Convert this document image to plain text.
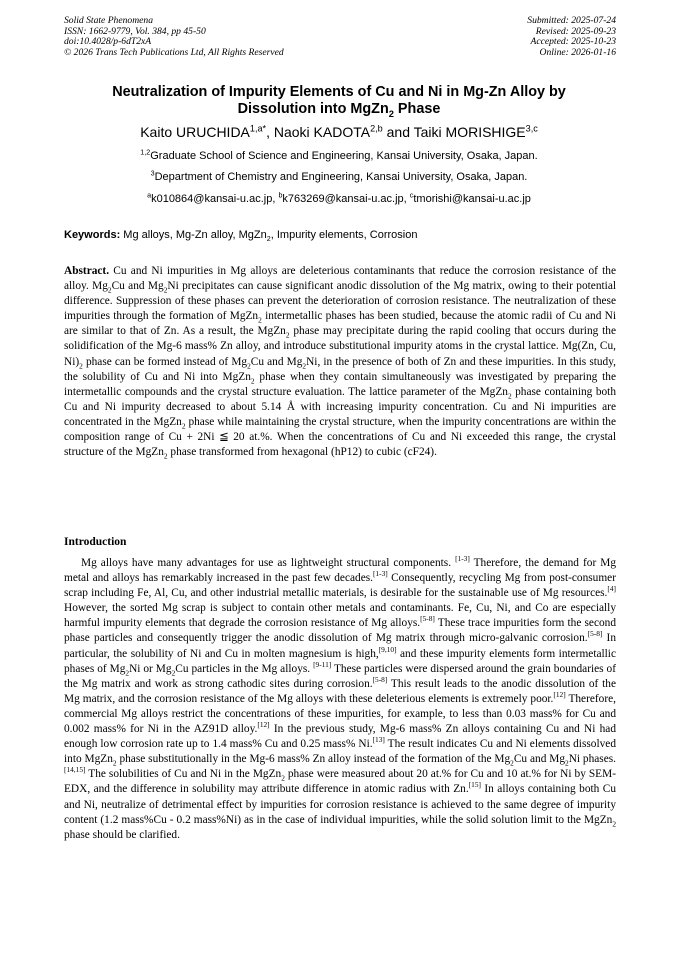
Solid State Phenomena
ISSN: 1662-9779, Vol. 384, pp 45-50
doi:10.4028/p-6dT2xA
© 2026 Trans Tech Publications Ltd, All Rights Reserved
Submitted: 2025-07-24
Revised: 2025-09-23
Accepted: 2025-10-23
Online: 2026-01-16
Neutralization of Impurity Elements of Cu and Ni in Mg-Zn Alloy by
Dissolution into MgZn$_2$ Phase
Kaito $URUCHIDA^{1,a*}$, Naoki KADOTA$^{2,b}$ and Taiki MORISHIGE$^{3,c}$
$^{1,2}$Graduate School of Science and Engineering, Kansai University, Osaka, Japan.
$^3$Department of Chemistry and Engineering, Kansai University, Osaka, Japan.
$^a$k010864@kansai-u.ac.jp, $^b$k763269@kansai-u.ac.jp, $^c$tmorishi@kansai-u.ac.jp
Keywords: Mg alloys, Mg-Zn alloy, MgZn$_2$, Impurity elements, Corrosion
Abstract. Cu and Ni impurities in Mg alloys are deleterious contaminants that reduce the corrosion resistance of the alloy. $Mg_2Cu$ and $Mg_2Ni$ precipitates can cause significant anodic dissolution of the Mg matrix, owing to their potential difference. Suppression of these phases can prevent the deterioration of corrosion resistance. The neutralization of these impurities through the formation of MgZn$_2$ intermetallic phases has been studied, because the atomic radii of Cu and Ni are similar to that of Zn. As a result, the MgZn$_2$ phase may precipitate during the rapid cooling that occurs during the solidification of the Mg-6 mass% Zn alloy, and introduce substitutional impurity atoms in the crystal lattice. Mg(Zn, Cu, $Ni)_2$ phase can be formed instead of $Mg_2Cu$ and $Mg_2Ni$, in the presence of both of Zn and these impurities. In this study, the solubility of Cu and Ni into MgZn$_2$ phase when they contain simultaneously was investigated by preparing the intermetallic compounds and the crystal structure evaluation. The lattice parameter of the MgZn$_2$ phase containing both Cu and Ni impurity decreased to about 5.14 Å with increasing impurity concentration. Cu and Ni impurities are concentrated in the MgZn$_2$ phase while maintaining the crystal structure, when the impurity concentrations are within the composition range of Cu + 2Ni ≦ 20 at.%. When the concentrations of Cu and Ni exceeded this range, the crystal structure of the MgZn$_2$ phase transformed from hexagonal (hP12) to cubic (cF24).
Introduction
Mg alloys have many advantages for use as lightweight structural components. [1-3] Therefore, the demand for Mg metal and alloys has remarkably increased in the past few decades.[1-3] Consequently, recycling Mg from post-consumer scrap including Fe, Al, Cu, and other industrial metallic materials, is desirable for the sustainable use of Mg resources.[4] However, the sorted Mg scrap is subject to contain other metals and contaminants. Fe, Cu, Ni, and Co are especially harmful impurity elements that degrade the corrosion resistance of Mg alloys.[5-8] These trace impurities form the second phase particles and consequently trigger the anodic dissolution of Mg matrix through micro-galvanic corrosion.[5-8] In particular, the solubility of Ni and Cu in molten magnesium is high,[9,10] and these impurity elements form intermetallic phases of $Mg_2Ni$ or $Mg_2Cu$ particles in the Mg alloys. [9-11] These particles were dispersed around the grain boundaries of the Mg matrix and work as strong cathodic sites during corrosion.[5-8] This result leads to the anodic dissolution of the Mg matrix, and the corrosion resistance of the Mg alloys with these deleterious elements is extremely poor.[12] Therefore, commercial Mg alloys restrict the concentrations of these impurities, for example, to less than 0.03 mass% for Cu and 0.002 mass% for Ni in the AZ91D alloy.[12] In the previous study, Mg-6 mass% Zn alloys containing Cu and Ni had enough low corrosion rate up to 1.4 mass% Cu and 0.25 mass% Ni.[13] The result indicates Cu and Ni elements dissolved into MgZn$_2$ phase substitutionally in the Mg-6 mass% Zn alloy instead of the formation of the $Mg_2Cu$ and $Mg_2Ni$ phases.[14,15] The solubilities of Cu and Ni in the MgZn$_2$ phase were measured about 20 at.% for Cu and 10 at.% for Ni by SEM-EDX, and the difference in solubility may attribute difference in atomic radius with Zn.[15] In alloys containing both Cu and Ni, neutralize of detrimental effect by impurities for corrosion resistance is achieved to the same degree of impurity content (1.2 mass%Cu - 0.2 mass%Ni) as in the case of individual impurities, while the solid solution limit to the MgZn$_2$ phase should be clarified.
